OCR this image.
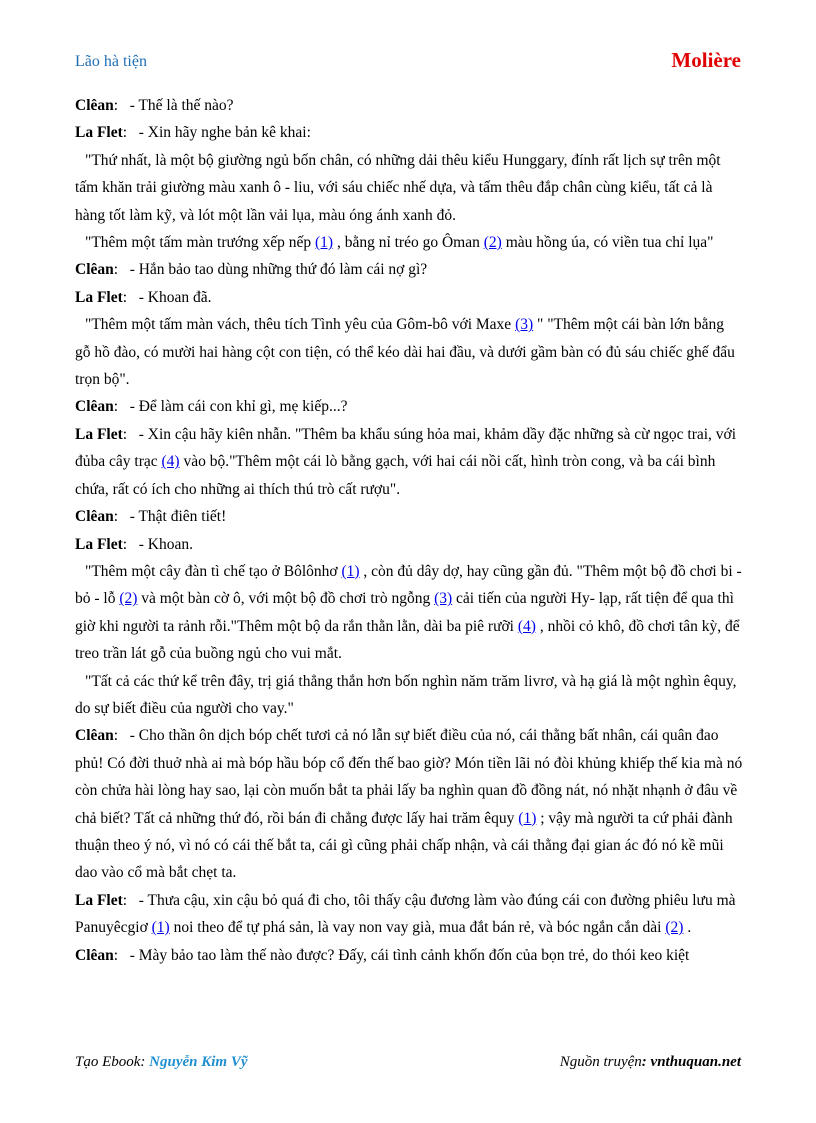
Lão hà tiện	Molière

Clêan:   - Thế là thế nào?

La Flet:   - Xin hãy nghe bản kê khai:

"Thứ nhất, là một bộ giường ngủ bốn chân, có những dải thêu kiểu Hunggary, đính rất lịch sự trên một tấm khăn trải giường màu xanh ô - liu, với sáu chiếc nhế dựa, và tấm thêu đắp chân cùng kiểu, tất cả là hàng tốt làm kỹ, và lót một lần vải lụa, màu óng ánh xanh đỏ.

"Thêm một tấm màn trướng xếp nếp (1) , bằng nỉ tréo go Ôman (2) màu hồng úa, có viền tua chỉ lụa"

Clêan:   - Hắn bảo tao dùng những thứ đó làm cái nợ gì?

La Flet:   - Khoan đã.

"Thêm một tấm màn vách, thêu tích Tình yêu của Gôm-bô với Maxe (3) " "Thêm một cái bàn lớn bằng gỗ hồ đào, có mười hai hàng cột con tiện, có thể kéo dài hai đầu, và dưới gầm bàn có đủ sáu chiếc ghế đẩu trọn bộ".

Clêan:   - Để làm cái con khỉ gì, mẹ kiếp...?

La Flet:   - Xin cậu hãy kiên nhẫn. "Thêm ba khẩu súng hỏa mai, khảm dầy đặc những sà cừ ngọc trai, với đủba cây trạc (4) vào bộ."Thêm một cái lò bằng gạch, với hai cái nồi cất, hình tròn cong, và ba cái bình chứa, rất có ích cho những ai thích thú trò cất rượu".

Clêan:   - Thật điên tiết!

La Flet:   - Khoan.

"Thêm một cây đàn tì chế tạo ở Bôlônhơ (1) , còn đủ dây dợ, hay cũng gần đủ. "Thêm một bộ đồ chơi bi - bỏ - lỗ (2) và một bàn cờ ô, với một bộ đồ chơi trò ngỗng (3) cải tiến của người Hy- lạp, rất tiện để qua thì giờ khi người ta rảnh rỗi."Thêm một bộ da rắn thằn lằn, dài ba piê rưỡi (4) , nhồi cỏ khô, đồ chơi tân kỳ, để treo trần lát gỗ của buồng ngủ cho vui mắt.

"Tất cả các thứ kể trên đây, trị giá thẳng thắn hơn bốn nghìn năm trăm livrơ, và hạ giá là một nghìn êquy, do sự biết điều của người cho vay."

Clêan:   - Cho thần ôn dịch bóp chết tươi cả nó lẫn sự biết điều của nó, cái thằng bất nhân, cái quân đao phủ! Có đời thuở nhà ai mà bóp hầu bóp cổ đến thế bao giờ? Món tiền lãi nó đòi khủng khiếp thế kia mà nó còn chửa hài lòng hay sao, lại còn muốn bắt ta phải lấy ba nghìn quan đồ đồng nát, nó nhặt nhạnh ở đâu về chả biết? Tất cả những thứ đó, rồi bán đi chẳng được lấy hai trăm êquy (1) ; vậy mà người ta cứ phải đành thuận theo ý nó, vì nó có cái thế bắt ta, cái gì cũng phải chấp nhận, và cái thằng đại gian ác đó nó kề mũi dao vào cổ mà bắt chẹt ta.

La Flet:   - Thưa cậu, xin cậu bỏ quá đi cho, tôi thấy cậu đương làm vào đúng cái con đường phiêu lưu mà Panuyêcgiơ (1) noi theo để tự phá sản, là vay non vay già, mua đắt bán rẻ, và bóc ngắn cắn dài (2) .

Clêan:   - Mày bảo tao làm thế nào được? Đấy, cái tình cảnh khốn đốn của bọn trẻ, do thói keo kiệt

Tạo Ebook: Nguyễn Kim Vỹ	Nguồn truyện: vnthuquan.net
